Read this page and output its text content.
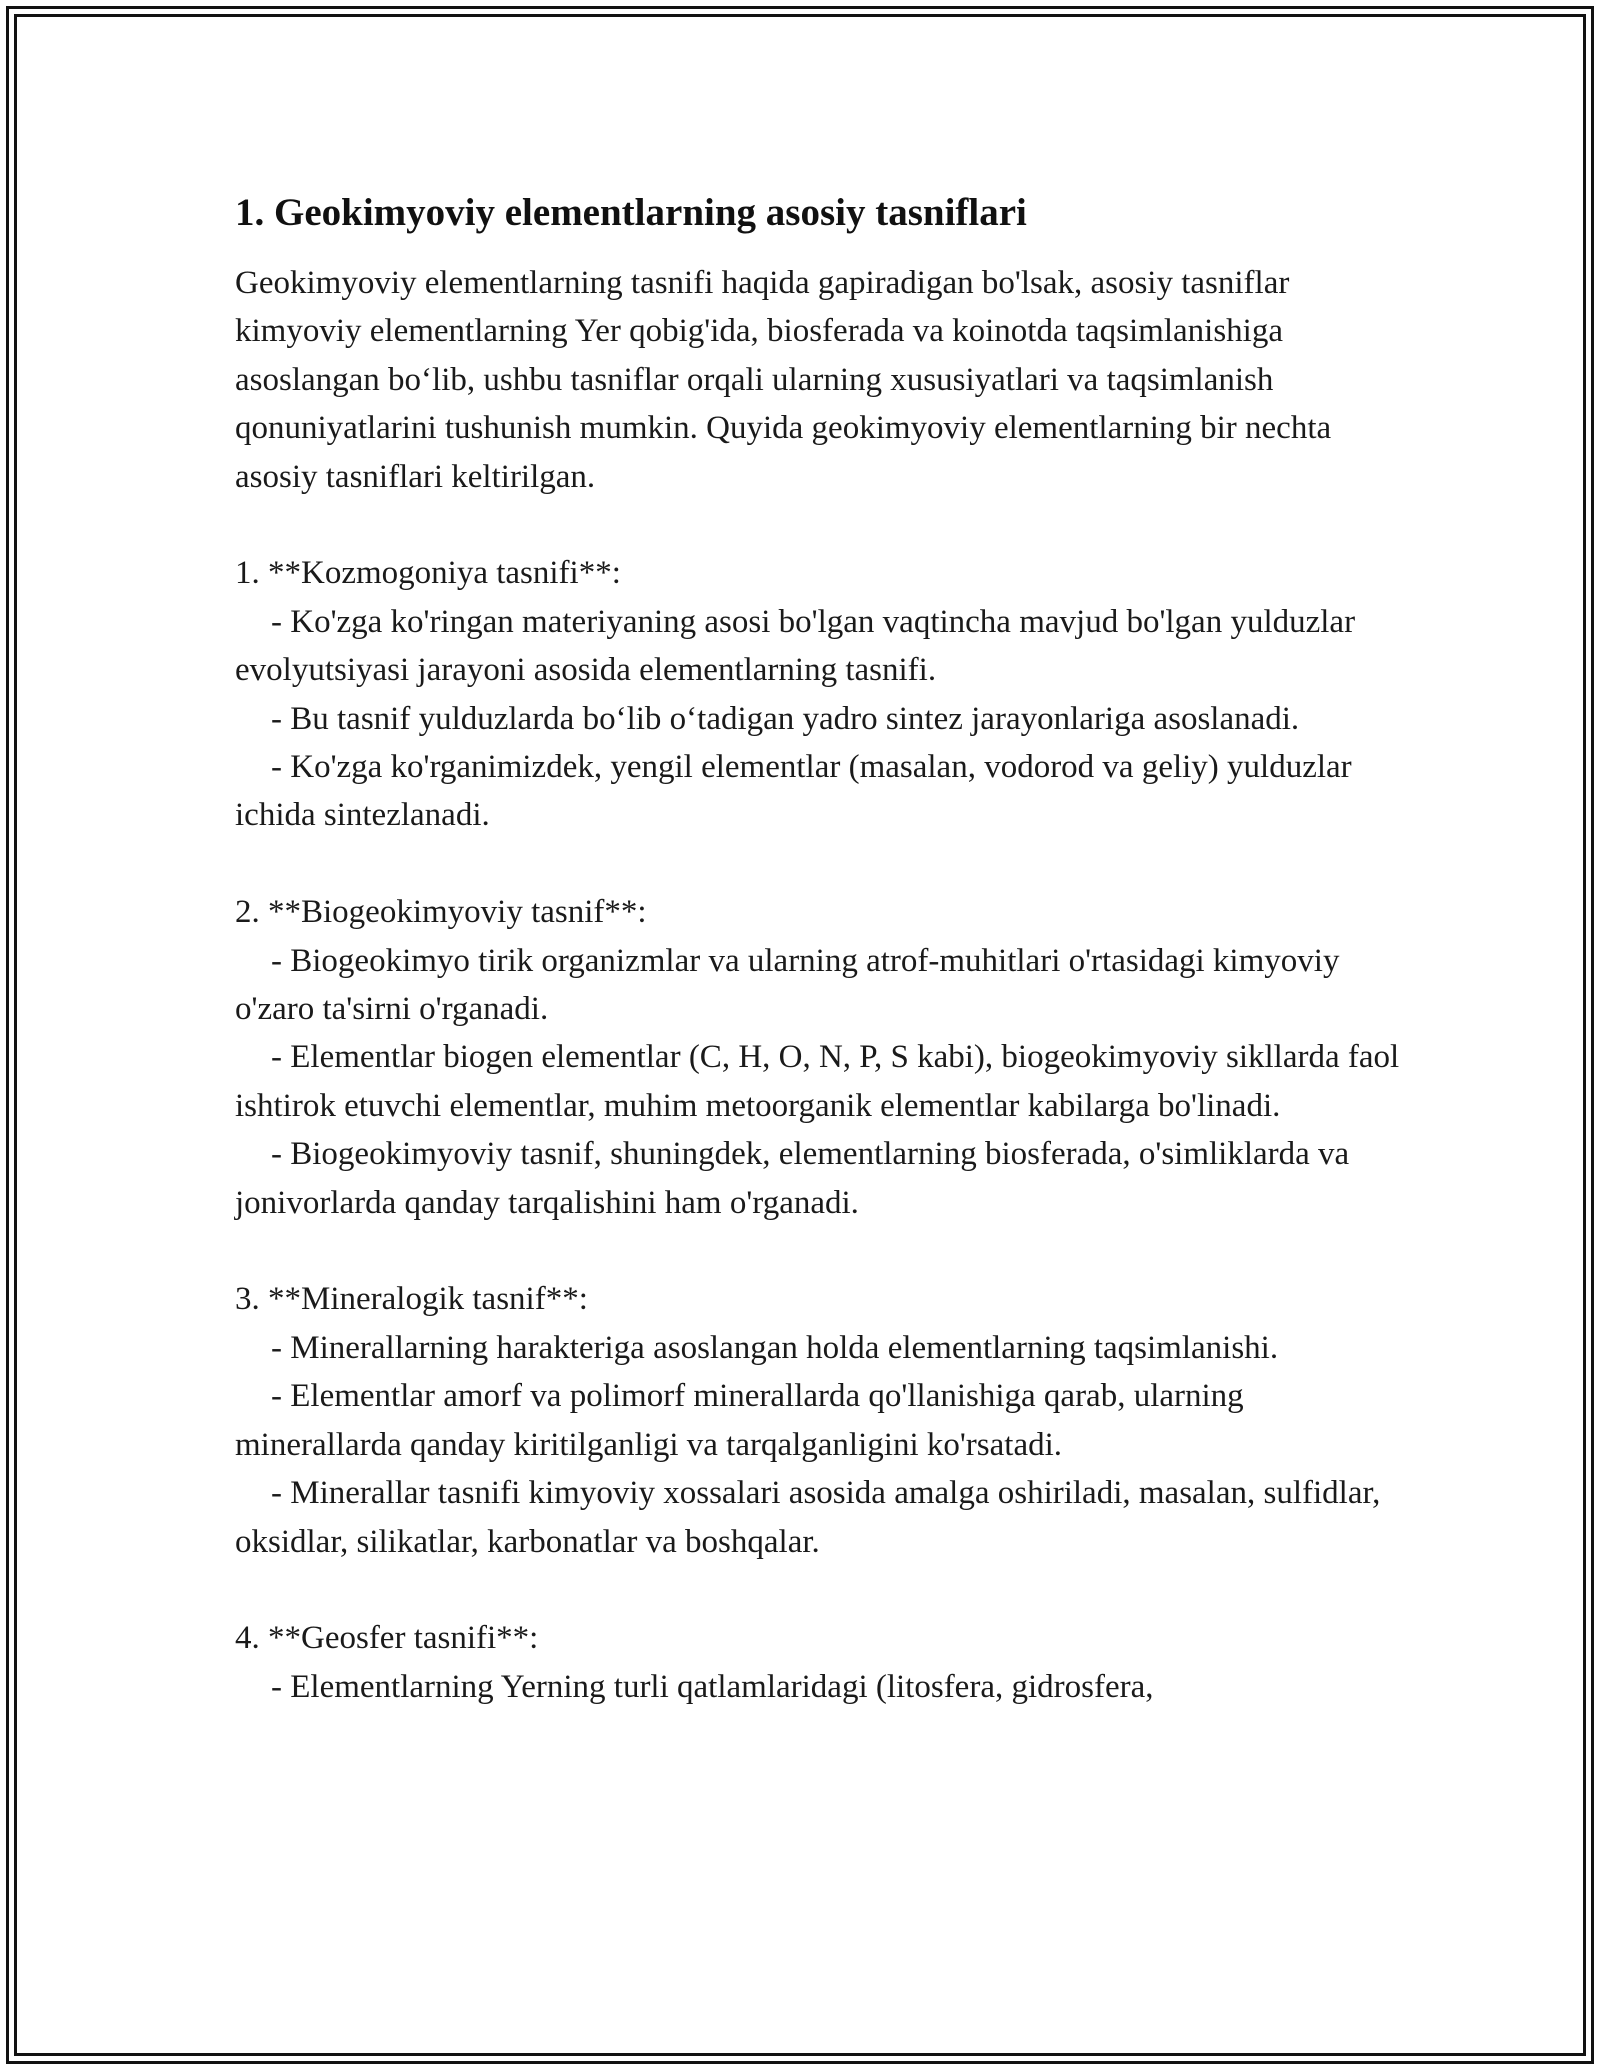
1. Geokimyoviy elementlarning asosiy tasniflari

Geokimyoviy elementlarning tasnifi haqida gapiradigan bo'lsak, asosiy tasniflar kimyoviy elementlarning Yer qobig'ida, biosferada va koinotda taqsimlanishiga asoslangan bo‘lib, ushbu tasniflar orqali ularning xususiyatlari va taqsimlanish qonuniyatlarini tushunish mumkin. Quyida geokimyoviy elementlarning bir nechta asosiy tasniflari keltirilgan.

1. **Kozmogoniya tasnifi**:

- Ko'zga ko'ringan materiyaning asosi bo'lgan vaqtincha mavjud bo'lgan yulduzlar evolyutsiyasi jarayoni asosida elementlarning tasnifi.

- Bu tasnif yulduzlarda bo‘lib o‘tadigan yadro sintez jarayonlariga asoslanadi.

- Ko'zga ko'rganimizdek, yengil elementlar (masalan, vodorod va geliy) yulduzlar ichida sintezlanadi.

2. **Biogeokimyoviy tasnif**:

- Biogeokimyo tirik organizmlar va ularning atrof-muhitlari o'rtasidagi kimyoviy o'zaro ta'sirni o'rganadi.

- Elementlar biogen elementlar (C, H, O, N, P, S kabi), biogeokimyoviy sikllarda faol ishtirok etuvchi elementlar, muhim metoorganik elementlar kabilarga bo'linadi.

- Biogeokimyoviy tasnif, shuningdek, elementlarning biosferada, o'simliklarda va jonivorlarda qanday tarqalishini ham o'rganadi.

3. **Mineralogik tasnif**:

- Minerallarning harakteriga asoslangan holda elementlarning taqsimlanishi.

- Elementlar amorf va polimorf minerallarda qo'llanishiga qarab, ularning minerallarda qanday kiritilganligi va tarqalganligini ko'rsatadi.

- Minerallar tasnifi kimyoviy xossalari asosida amalga oshiriladi, masalan, sulfidlar, oksidlar, silikatlar, karbonatlar va boshqalar.

4. **Geosfer tasnifi**:

- Elementlarning Yerning turli qatlamlaridagi (litosfera, gidrosfera,
